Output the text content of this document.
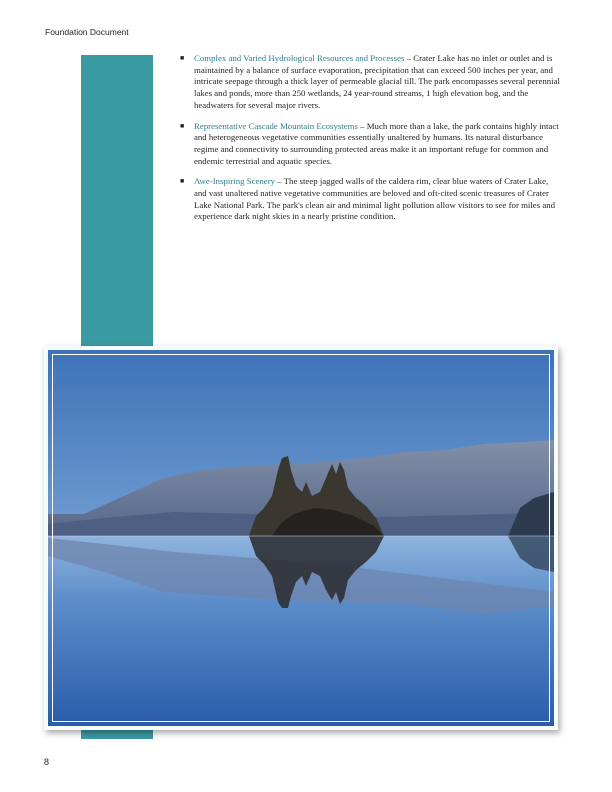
Foundation Document
■ Complex and Varied Hydrological Resources and Processes – Crater Lake has no inlet or outlet and is maintained by a balance of surface evaporation, precipitation that can exceed 500 inches per year, and intricate seepage through a thick layer of permeable glacial till. The park encompasses several perennial lakes and ponds, more than 250 wetlands, 24 year-round streams, 1 high elevation bog, and the headwaters for several major rivers.
■ Representative Cascade Mountain Ecosystems – Much more than a lake, the park contains highly intact and heterogeneous vegetative communities essentially unaltered by humans. Its natural disturbance regime and connectivity to surrounding protected areas make it an important refuge for common and endemic terrestrial and aquatic species.
■ Awe-Inspiring Scenery – The steep jagged walls of the caldera rim, clear blue waters of Crater Lake, and vast unaltered native vegetative communities are beloved and oft-cited scenic treasures of Crater Lake National Park. The park's clean air and minimal light pollution allow visitors to see for miles and experience dark night skies in a nearly pristine condition.
8
